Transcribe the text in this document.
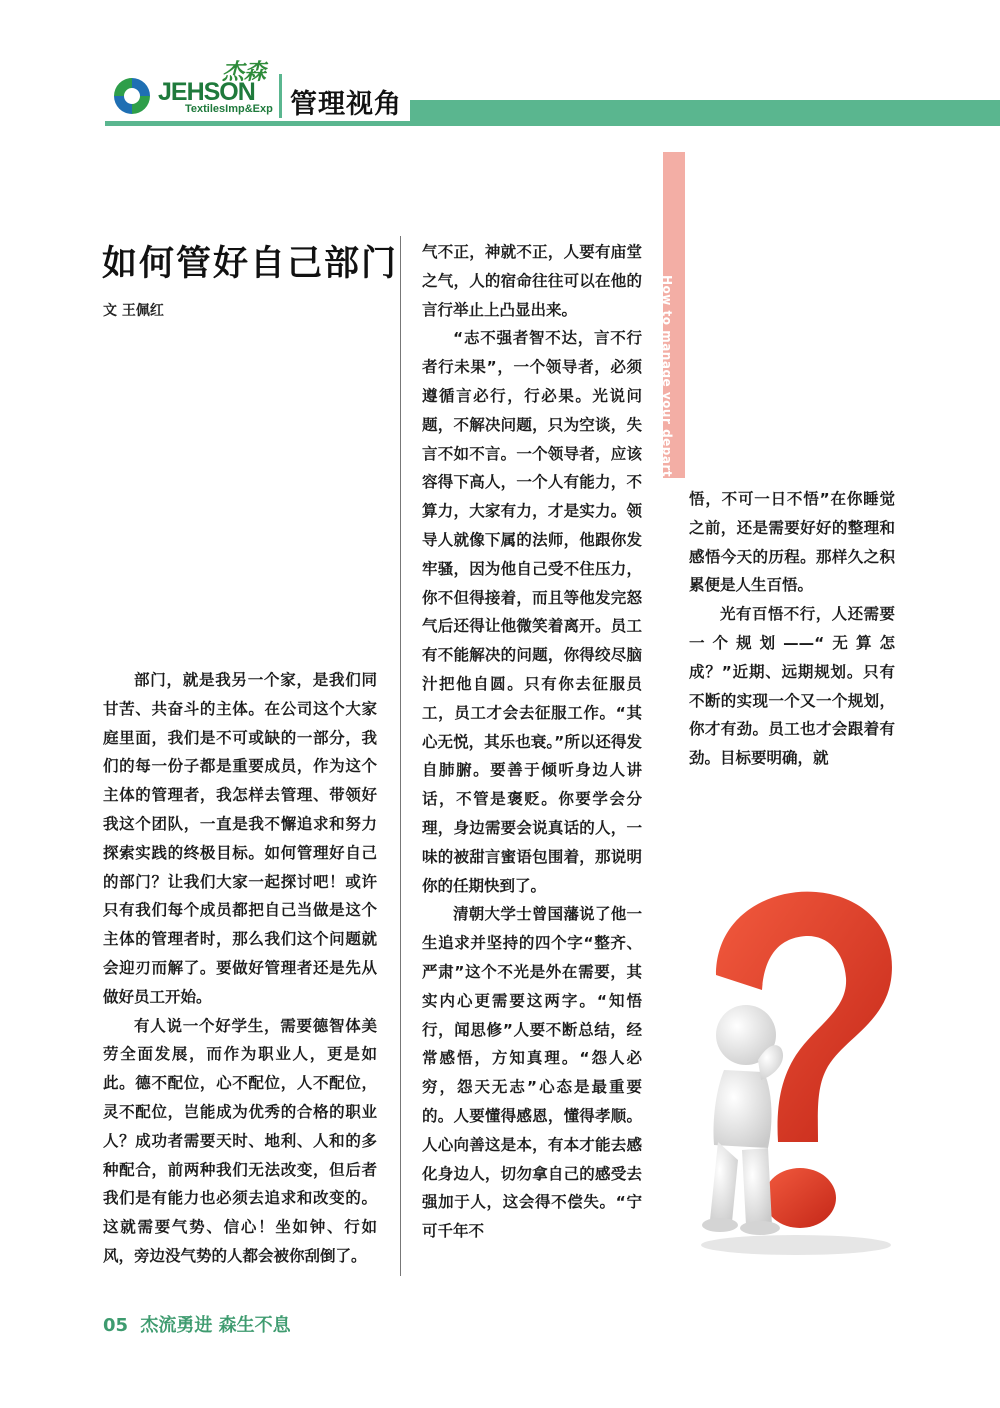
JEHSON
杰森
TextilesImp&Exp 管理视角
How to manage your department
如何管好自己部门
文 王佩红

部门，就是我另一个家，是我们同甘苦、共奋斗的主体。在公司这个大家庭里面，我们是不可或缺的一部分，我们的每一份子都是重要成员，作为这个主体的管理者，我怎样去管理、带领好我这个团队，一直是我不懈追求和努力探索实践的终极目标。如何管理好自己的部门？让我们大家一起探讨吧！或许只有我们每个成员都把自己当做是这个主体的管理者时，那么我们这个问题就会迎刃而解了。要做好管理者还是先从做好员工开始。

有人说一个好学生，需要德智体美劳全面发展，而作为职业人，更是如此。德不配位，心不配位，人不配位，灵不配位，岂能成为优秀的合格的职业人？成功者需要天时、地利、人和的多种配合，前两种我们无法改变，但后者我们是有能力也必须去追求和改变的。这就需要气势、信心！坐如钟、行如风，旁边没气势的人都会被你刮倒了。

气不正，神就不正，人要有庙堂之气，人的宿命往往可以在他的言行举止上凸显出来。

“志不强者智不达，言不行者行未果”，一个领导者，必须遵循言必行，行必果。光说问题，不解决问题，只为空谈，失言不如不言。一个领导者，应该容得下高人，一个人有能力，不算力，大家有力，才是实力。领导人就像下属的法师，他跟你发牢骚，因为他自己受不住压力，你不但得接着，而且等他发完怒气后还得让他微笑着离开。员工有不能解决的问题，你得绞尽脑汁把他自圆。只有你去征服员工，员工才会去征服工作。“其心无悦，其乐也衰。”所以还得发自肺腑。要善于倾听身边人讲话，不管是褒贬。你要学会分理，身边需要会说真话的人，一味的被甜言蜜语包围着，那说明你的任期快到了。

清朝大学士曾国藩说了他一生追求并坚持的四个字“整齐、严肃”这个不光是外在需要，其实内心更需要这两字。“知悟行，闻思修”人要不断总结，经常感悟，方知真理。“怨人必穷，怨天无志”心态是最重要的。人要懂得感恩，懂得孝顺。人心向善这是本，有本才能去感化身边人，切勿拿自己的感受去强加于人，这会得不偿失。“宁可千年不

悟，不可一日不悟”在你睡觉之前，还是需要好好的整理和感悟今天的历程。那样久之积累便是人生百悟。

光有百悟不行，人还需要一个规划——“无算怎成？”近期、远期规划。只有不断的实现一个又一个规划，你才有劲。员工也才会跟着有劲。目标要明确，就

05 杰流勇进 森生不息
